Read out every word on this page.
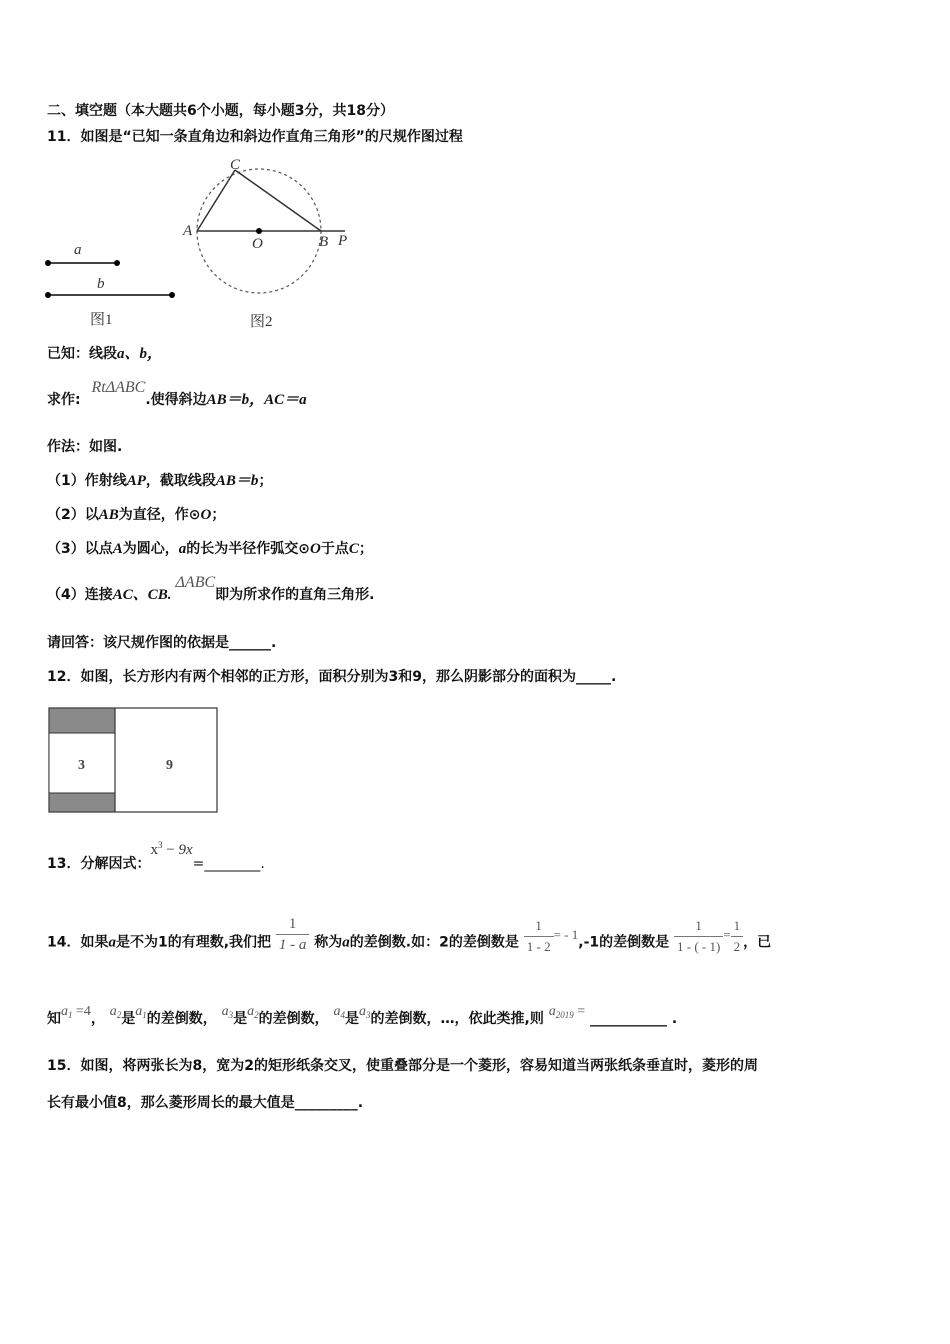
二、填空题（本大题共6个小题，每小题3分，共18分）
11．如图是“已知一条直角边和斜边作直角三角形”的尺规作图过程
a
b
图1
C
A
O	B P
图2
已知：线段a、b，
求作: RtΔABC.使得斜边AB＝b，AC＝a
作法：如图.
（1）作射线AP，截取线段AB＝b；
（2）以AB为直径，作⊙O；
（3）以点A为圆心，a的长为半径作弧交⊙O于点C；
（4）连接AC、CB.ΔABC即为所求作的直角三角形.
请回答：该尺规作图的依据是______.
12．如图，长方形内有两个相邻的正方形，面积分别为3和9，那么阴影部分的面积为_____.
3	9
13．分解因式：$x^3$ − 9x=________.
14．如果a是不为1的有理数,我们把 $\frac{1}{1 - a}$ 称为a的差倒数.如：2的差倒数是 $\frac{1}{1 - 2}$ = - 1,-1的差倒数是 $\frac{1}{1 - ( - 1)} = \frac{1}{2}$ ，已
知$a_1 =4$， $a_2$是$a_1$的差倒数， $a_3$是$a_2$的差倒数， $a_4$是$a_3$的差倒数，…，依此类推,则 $a_{2019}$ = ___________ .
15．如图，将两张长为8，宽为2的矩形纸条交叉，使重叠部分是一个菱形，容易知道当两张纸条垂直时，菱形的周
长有最小值8，那么菱形周长的最大值是_________.
